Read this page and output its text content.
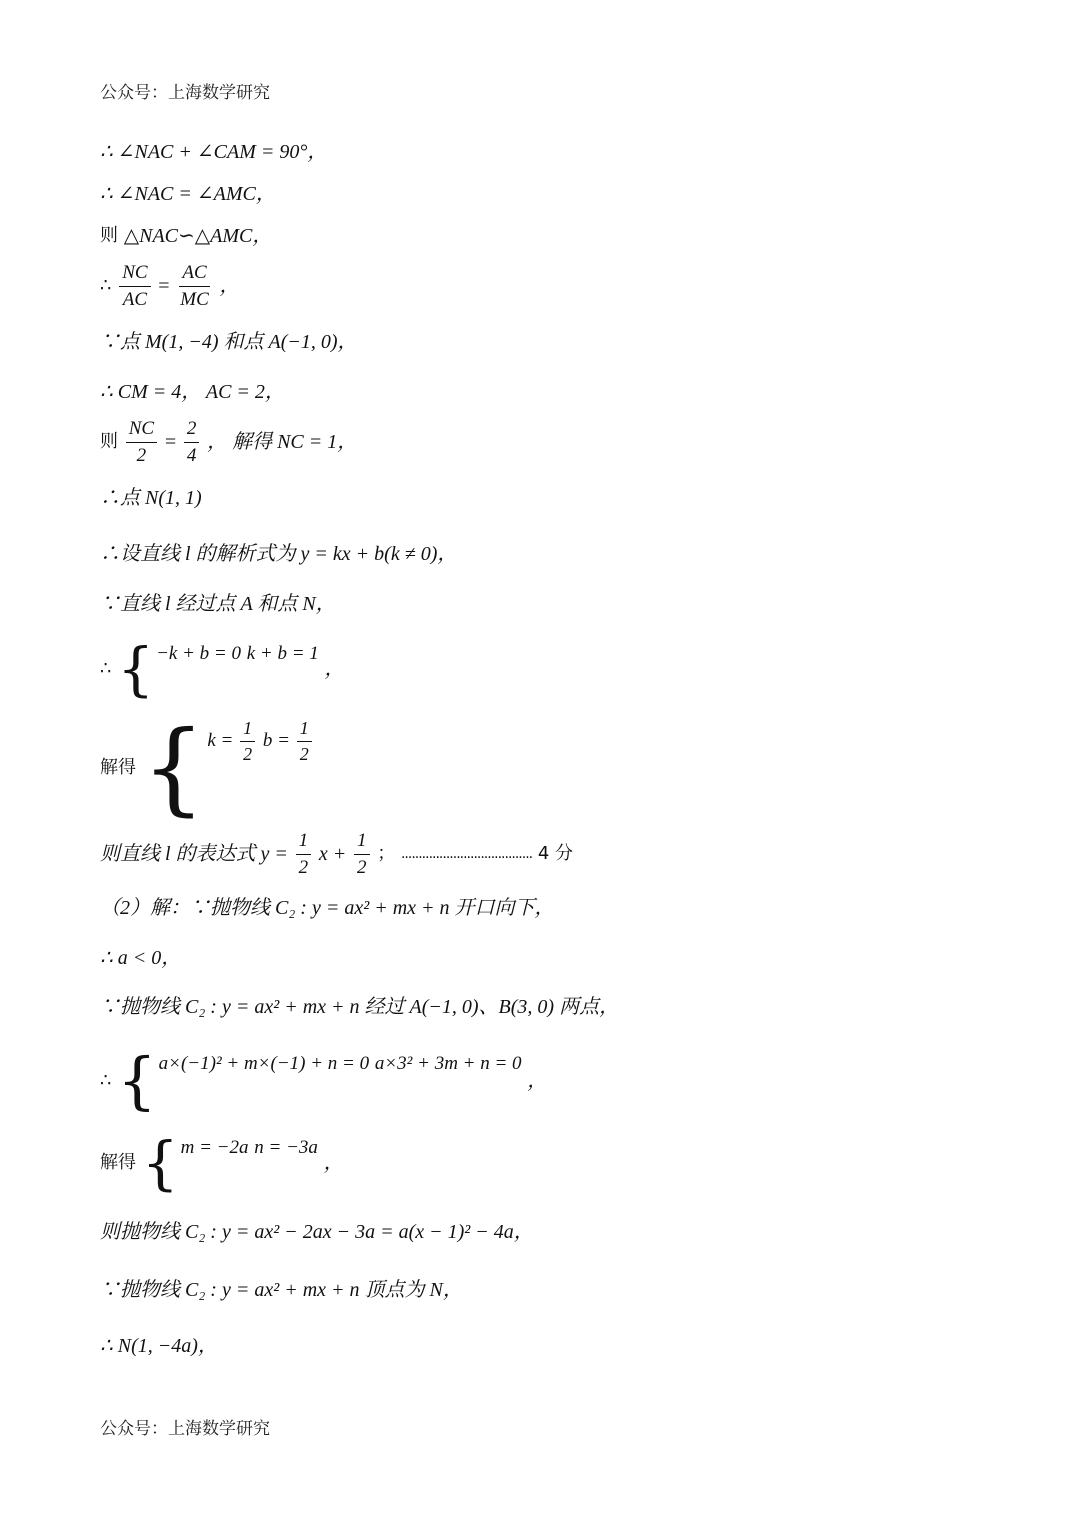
公众号：上海数学研究
∴ ∠NAC + ∠CAM = 90°，
∴ ∠NAC = ∠AMC，
则 △NAC∽△AMC，
∴ $\frac{NC}{AC} = \frac{AC}{MC}$ ，
∵点 M(1, −4) 和点 A(−1, 0)，
∴ CM = 4， AC = 2，
则 $\frac{NC}{2} = \frac{2}{4}$ ， 解得 NC = 1，
∴点 N(1, 1)
∴设直线 l 的解析式为 y = kx + b(k ≠ 0)，
∵直线 l 经过点 A 和点 N，
∴ { −k + b = 0 k + b = 1
，
解得 { $k = \frac{1}{2}$ $b = \frac{1}{2}$
则直线 l 的表达式 $y = \frac{1}{2}$ $x + \frac{1}{2}$ ； ...................................... 4 分
（2）解：∵抛物线 C₂ : y = ax² + mx + n 开口向下，
∴ a < 0，
∵抛物线 C₂ : y = ax² + mx + n 经过 A(−1, 0)、B(3, 0) 两点，
∴ { a×(−1)² + m×(−1) + n = 0 a×3² + 3m + n = 0
，
解得 { m = −2a n = −3a
，
则抛物线 C₂ : y = ax² − 2ax − 3a = a(x − 1)² − 4a，
∵抛物线 C₂ : y = ax² + mx + n 顶点为 N，
∴ N(1, −4a)，
公众号：上海数学研究
